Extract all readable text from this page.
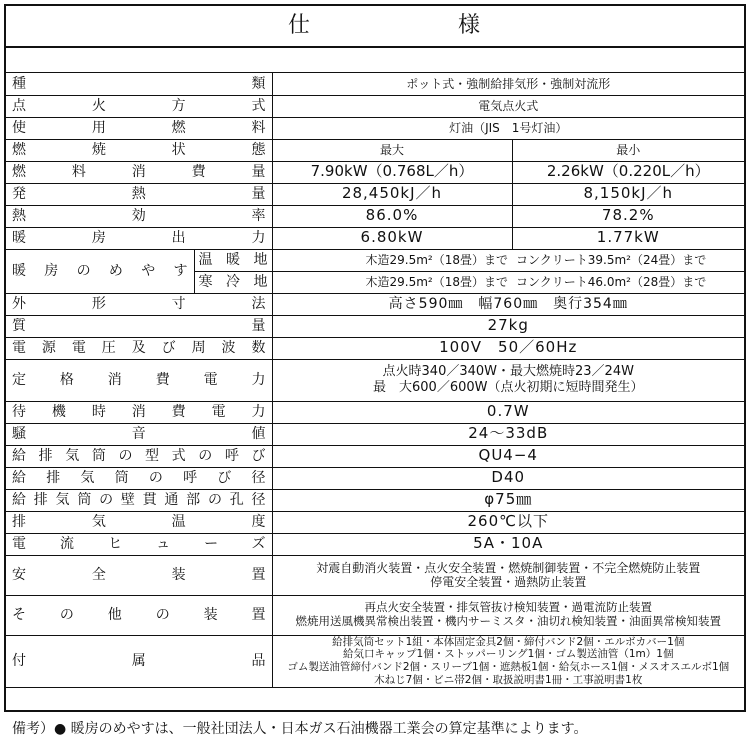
仕	様
種類		ポット式・強制給排気形・強制対流形	
点火方式		電気点火式	
使用燃料		灯油（JIS　1号灯油）	
燃焼状態		最大	最小
燃料消費量		7.90kW（0.768L／h）	2.26kW（0.220L／h）
発熱量		28,450kJ／h	8,150kJ／h
熱効率		86.0%	78.2%
暖房出力		6.80kW	1.77kW
暖房のめやす	温暖地	木造29.5m²（18畳）まで	コンクリート39.5m²（24畳）まで
	寒冷地	木造29.5m²（18畳）まで	コンクリート46.0m²（28畳）まで
外形寸法		高さ590㎜　幅760㎜　奥行354㎜	
質量		27kg	
電源電圧及び周波数		100V　50／60Hz	
定格消費電力		点火時340／340W・最大燃焼時23／24W
最　大600／600W（点火初期に短時間発生）	

待機時消費電力		0.7W	
騒音値		24〜33dB	
給排気筒の型式の呼び		QU4−4	
給排気筒の呼び径		D40	
給排気筒の壁貫通部の孔径		φ75㎜	
排気温度		260℃以下	
電流ヒューズ		5A・10A	
安全装置		対震自動消火装置・点火安全装置・燃焼制御装置・不完全燃焼防止装置
停電安全装置・過熱防止装置	

その他の装置		再点火安全装置・排気管抜け検知装置・過電流防止装置
燃焼用送風機異常検出装置・機内サーミスタ・油切れ検知装置・油面異常検知装置	

付属品		給排気筒セット1組・本体固定金具2個・締付バンド2個・エルボカバー1個
給気口キャップ1個・ストッパーリング1個・ゴム製送油管（1m）1個
ゴム製送油管締付バンド2個・スリーブ1個・遮熱板1個・給気ホース1個・メスオスエルボ1個
木ねじ7個・ビニ帯2個・取扱説明書1冊・工事説明書1枚	
備考）● 暖房のめやすは、一般社団法人・日本ガス石油機器工業会の算定基準によります。
